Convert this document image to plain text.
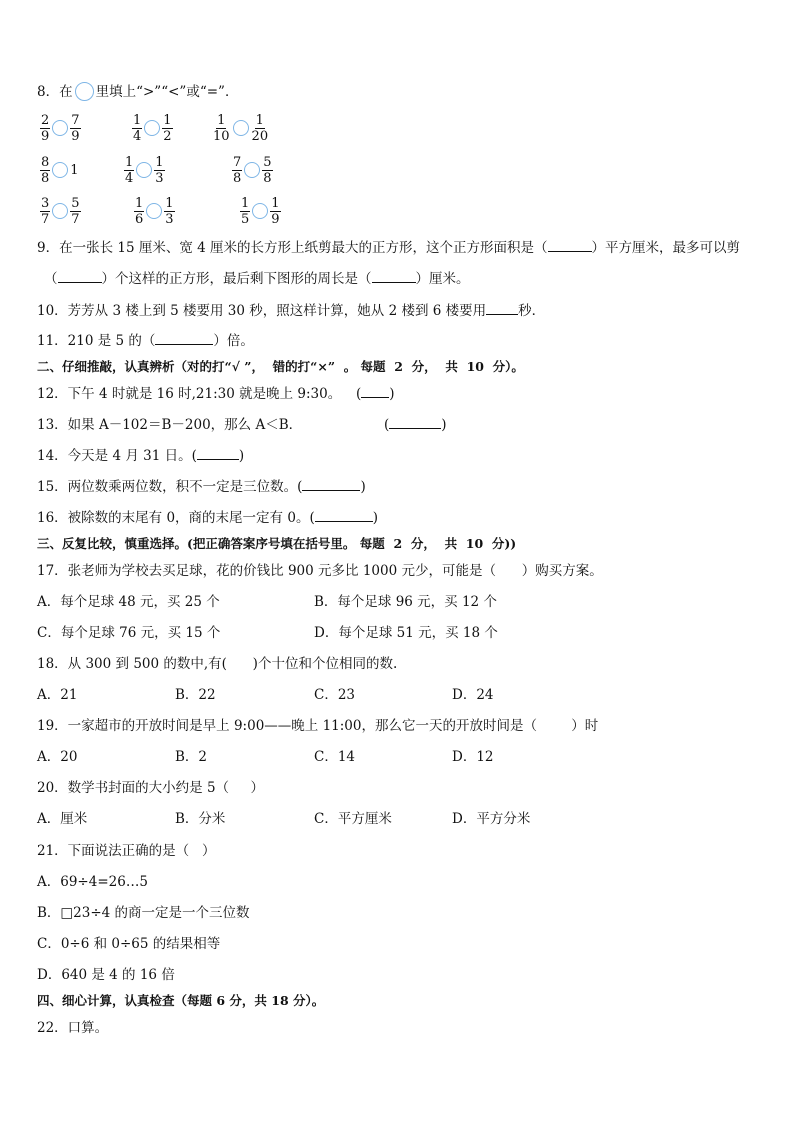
8．在 里填上“>”“<”或“=”．
$\frac{2}{9} \frac{7}{9}$	$\frac{1}{4} \frac{1}{2}$	$\frac{1}{10} \frac{1}{20}$
$\frac{8}{8} 1$	$\frac{1}{4} \frac{1}{3}$	$\frac{7}{8} \frac{5}{8}$
$\frac{3}{7} \frac{5}{7}$	$\frac{1}{6} \frac{1}{3}$	$\frac{1}{5} \frac{1}{9}$
9．在一张长 15 厘米、宽 4 厘米的长方形上纸剪最大的正方形，这个正方形面积是（	）平方厘米，最多可以剪
（	）个这样的正方形，最后剩下图形的周长是（	）厘米。
10．芳芳从 3 楼上到 5 楼要用 30 秒，照这样计算，她从 2 楼到 6 楼要用 秒．
11．210 是 5 的（	）倍。
二、仔细推敲，认真辨析（对的打“√ ”，  错的打“×”  。 每题  2  分，  共  10  分）。
12．下午 4 时就是 16 时,21:30 就是晚上 9:30。 ( )
13．如果 A－102＝B－200，那么 A＜B．	(	)
14．今天是 4 月 31 日。(	)
15．两位数乘两位数，积不一定是三位数。(	)
16．被除数的末尾有 0，商的末尾一定有 0。(	)
三、反复比较，慎重选择。(把正确答案序号填在括号里。 每题  2  分，  共  10  分))
17．张老师为学校去买足球，花的价钱比 900 元多比 1000 元少，可能是（      ）购买方案。
A．每个足球 48 元，买 25 个	B．每个足球 96 元，买 12 个
C．每个足球 76 元，买 15 个	D．每个足球 51 元，买 18 个
18．从 300 到 500 的数中,有(      )个十位和个位相同的数.
A．21	B．22	C．23	D．24
19．一家超市的开放时间是早上 9:00——晚上 11:00，那么它一天的开放时间是（        ）时
A．20	B．2	C．14	D．12
20．数学书封面的大小约是 5（     ）
A．厘米	B．分米	C．平方厘米	D．平方分米
21．下面说法正确的是（   ）
A．69÷4=26…5
B．□23÷4 的商一定是一个三位数
C．0÷6 和 0÷65 的结果相等
D．640 是 4 的 16 倍
四、细心计算，认真检查（每题 6 分，共 18 分）。
22．口算。
